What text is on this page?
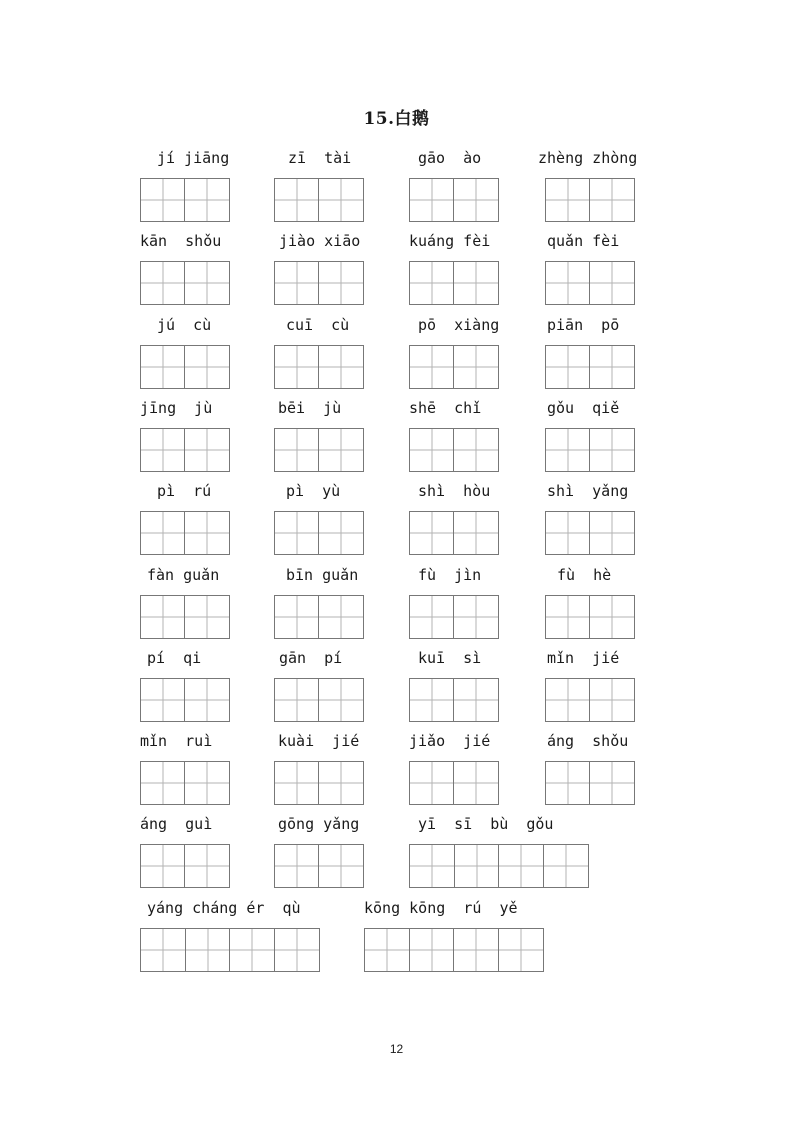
15.白鹅
jí jiāng	zī  tài	gāo  ào	zhèng zhòng
kān  shǒu	jiào xiāo	kuáng fèi	quǎn fèi
jú  cù	cuī  cù	pō  xiàng	piān  pō
jīng  jù	bēi  jù	shē  chǐ	gǒu  qiě
pì  rú	pì  yù	shì  hòu	shì  yǎng
fàn guǎn	bīn guǎn	fù  jìn	fù  hè
pí  qi	gān  pí	kuī  sì	mǐn  jié
mǐn  ruì	kuài  jié	jiǎo  jié	áng  shǒu
áng  guì	gōng yǎng	yī  sī  bù  gǒu
yáng cháng ér  qù	kōng kōng  rú  yě
12
